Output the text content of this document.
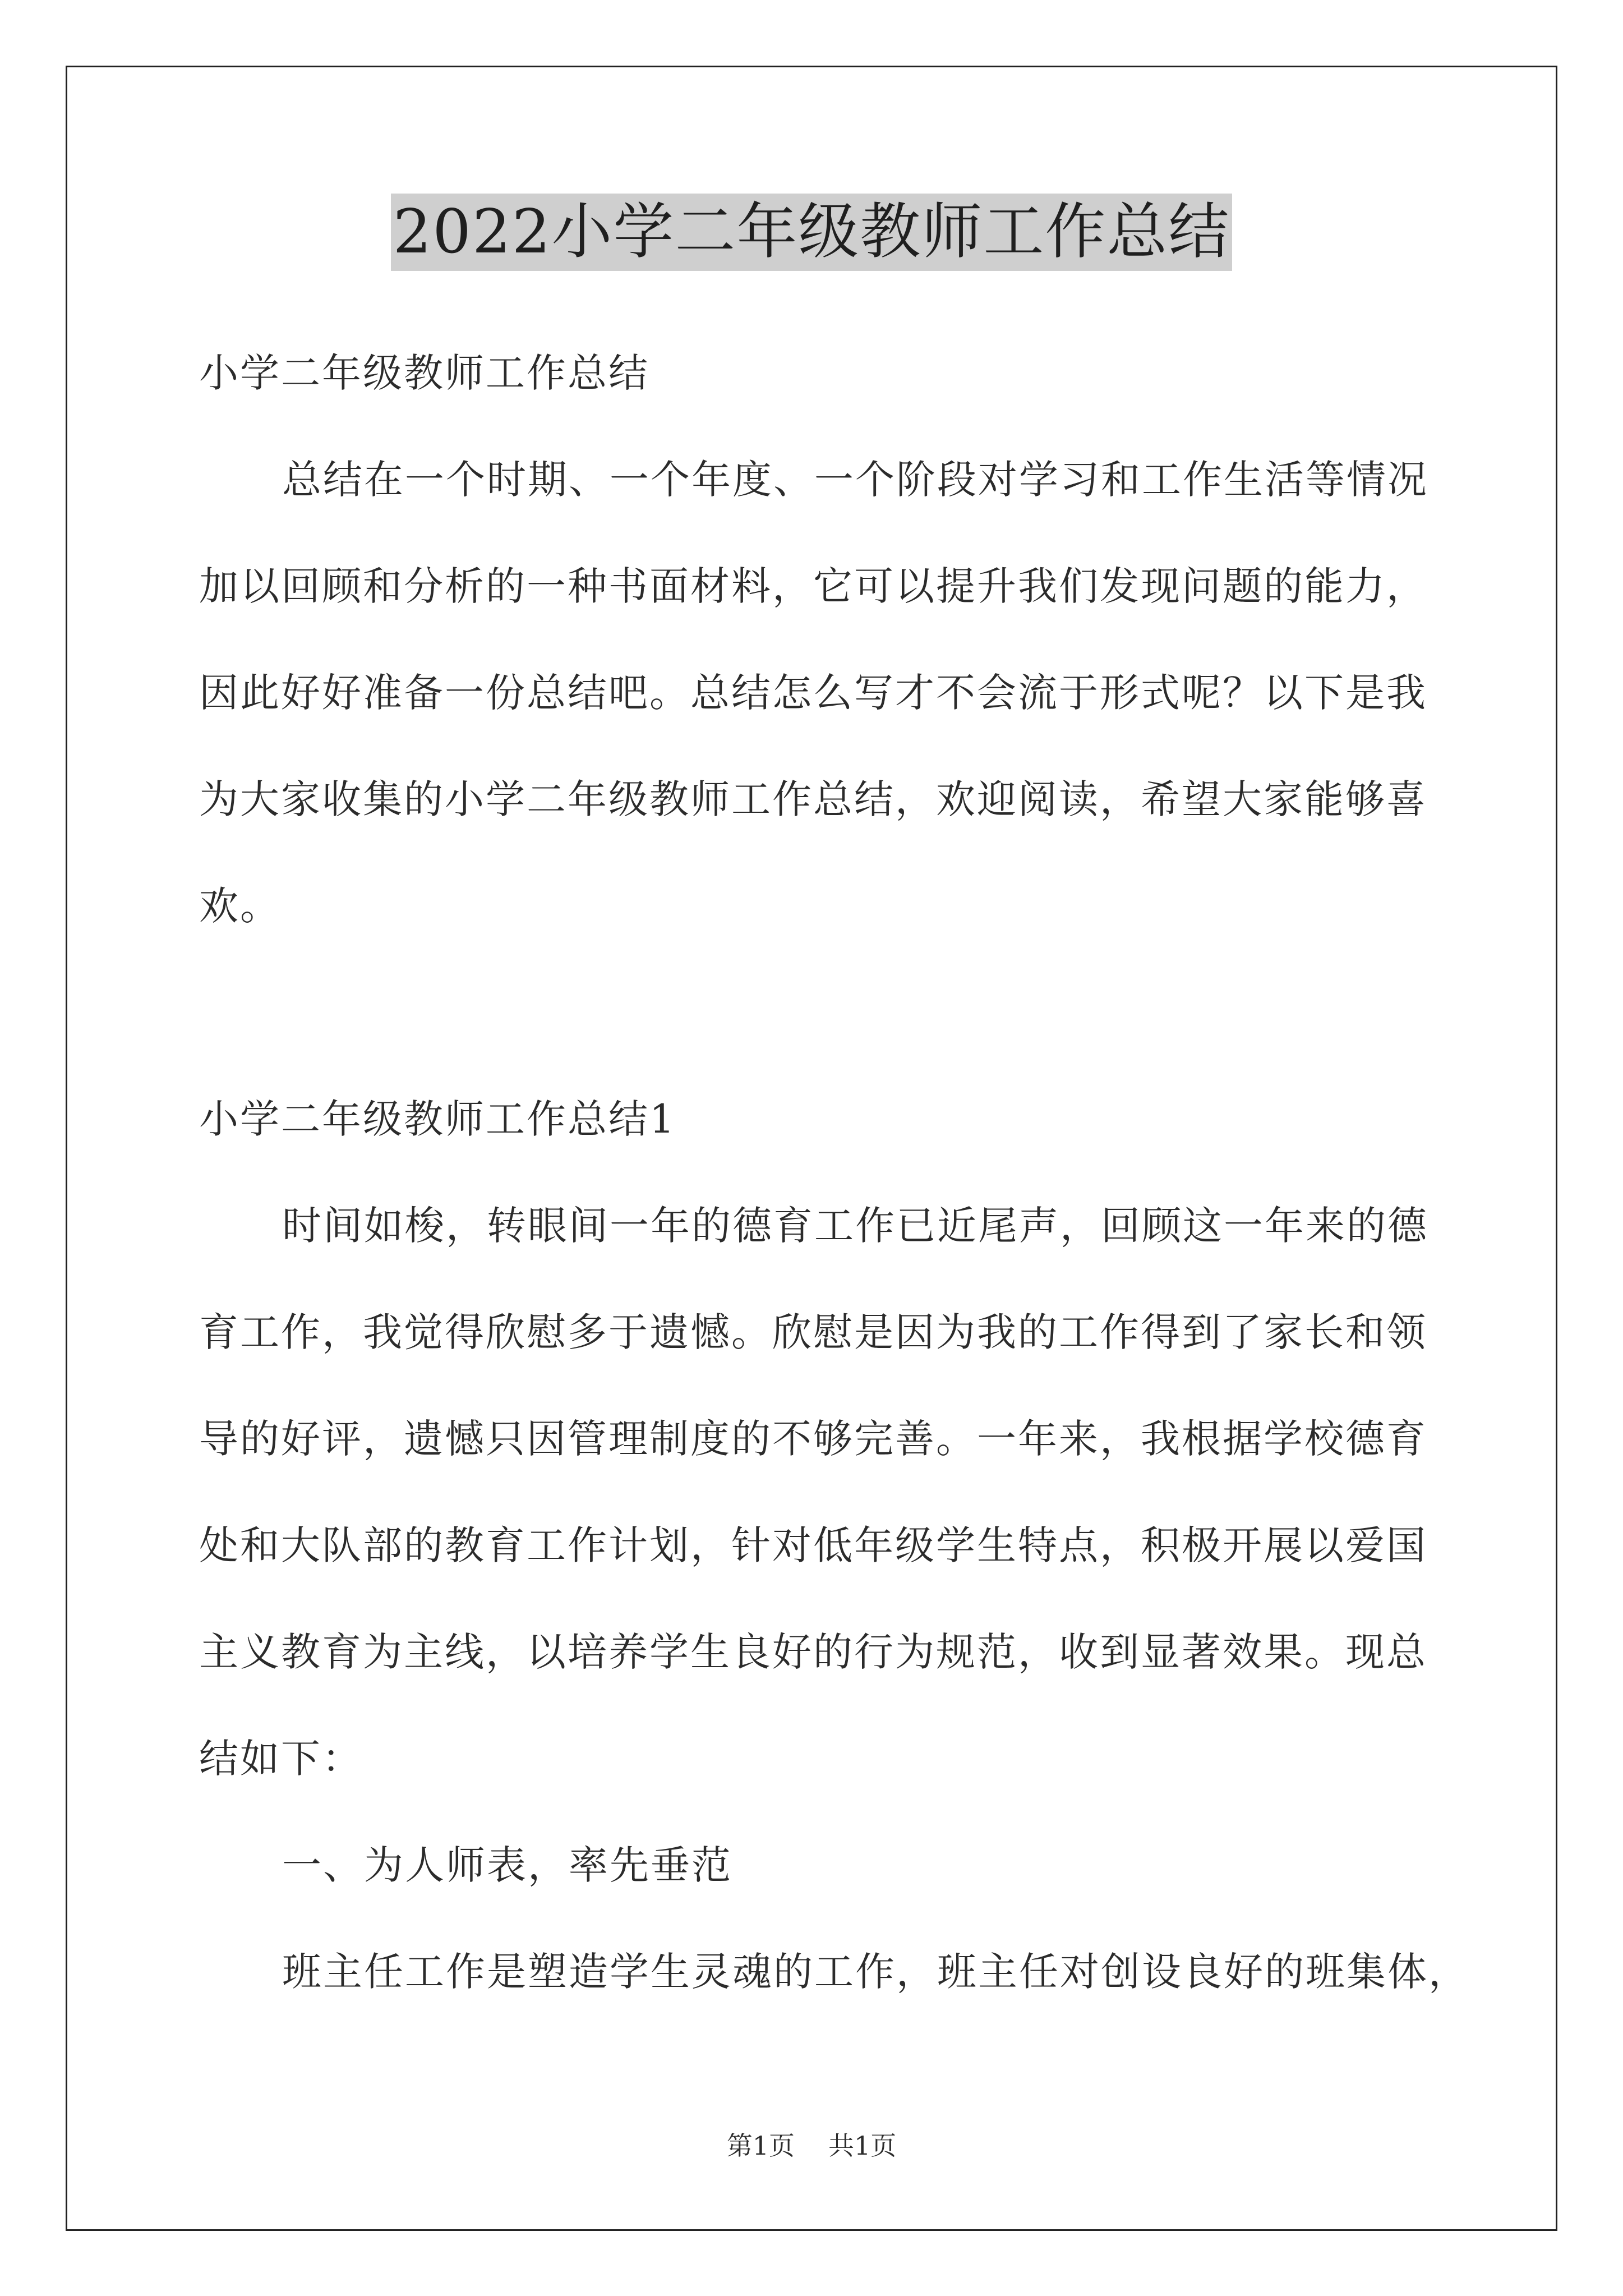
2022小学二年级教师工作总结
小学二年级教师工作总结
总结在一个时期、一个年度、一个阶段对学习和工作生活等情况
加以回顾和分析的一种书面材料，它可以提升我们发现问题的能力，
因此好好准备一份总结吧。总结怎么写才不会流于形式呢？以下是我
为大家收集的小学二年级教师工作总结，欢迎阅读，希望大家能够喜
欢。
小学二年级教师工作总结1
时间如梭，转眼间一年的德育工作已近尾声，回顾这一年来的德
育工作，我觉得欣慰多于遗憾。欣慰是因为我的工作得到了家长和领
导的好评，遗憾只因管理制度的不够完善。一年来，我根据学校德育
处和大队部的教育工作计划，针对低年级学生特点，积极开展以爱国
主义教育为主线，以培养学生良好的行为规范，收到显著效果。现总
结如下：
一、为人师表，率先垂范
班主任工作是塑造学生灵魂的工作，班主任对创设良好的班集体，
第1页 共1页
